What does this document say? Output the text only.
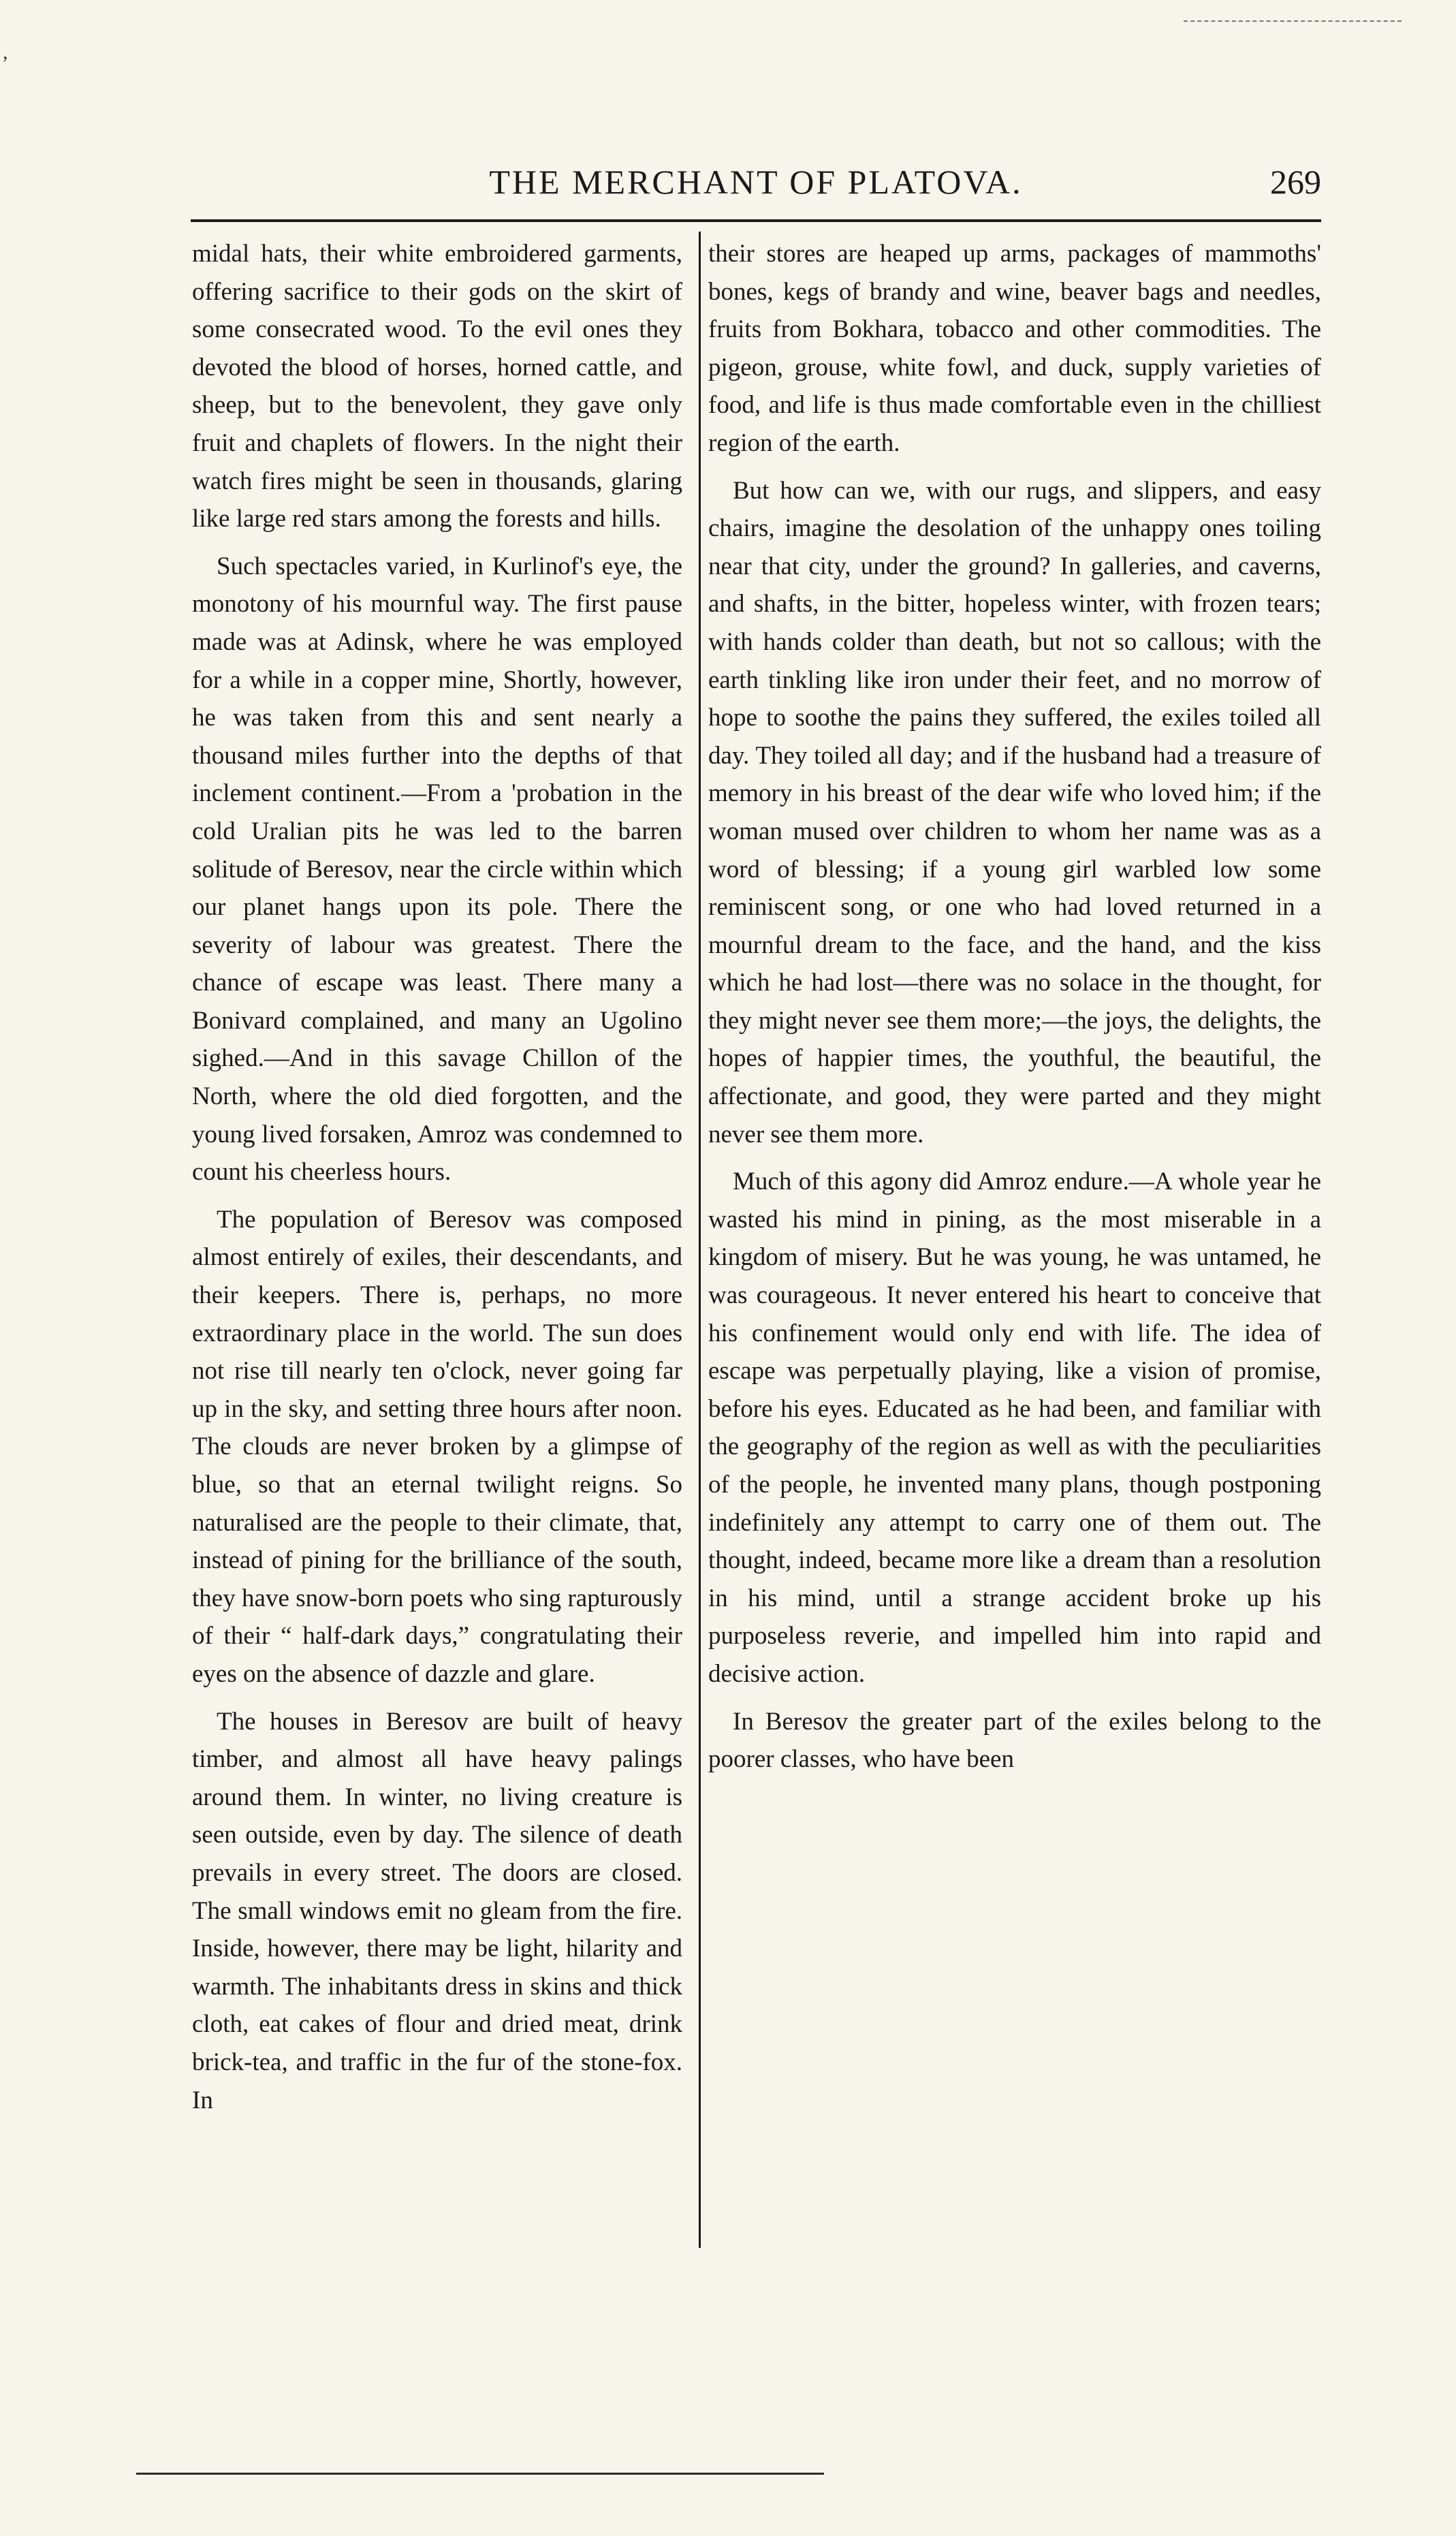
,
THE MERCHANT OF PLATOVA.	269

midal hats, their white embroidered garments, offering sacrifice to their gods on the skirt of some consecrated wood. To the evil ones they devoted the blood of horses, horned cattle, and sheep, but to the benevolent, they gave only fruit and chaplets of flowers. In the night their watch fires might be seen in thousands, glaring like large red stars among the forests and hills.

Such spectacles varied, in Kurlinof's eye, the monotony of his mournful way. The first pause made was at Adinsk, where he was employed for a while in a copper mine, Shortly, however, he was taken from this and sent nearly a thousand miles further into the depths of that inclement continent.—From a 'probation in the cold Uralian pits he was led to the barren solitude of Beresov, near the circle within which our planet hangs upon its pole. There the severity of labour was greatest. There the chance of escape was least. There many a Bonivard complained, and many an Ugolino sighed.—And in this savage Chillon of the North, where the old died forgotten, and the young lived forsaken, Amroz was condemned to count his cheerless hours.

The population of Beresov was composed almost entirely of exiles, their descendants, and their keepers. There is, perhaps, no more extraordinary place in the world. The sun does not rise till nearly ten o'clock, never going far up in the sky, and setting three hours after noon. The clouds are never broken by a glimpse of blue, so that an eternal twilight reigns. So naturalised are the people to their climate, that, instead of pining for the brilliance of the south, they have snow-born poets who sing rapturously of their “ half-dark days,” congratulating their eyes on the absence of dazzle and glare.

The houses in Beresov are built of heavy timber, and almost all have heavy palings around them. In winter, no living creature is seen outside, even by day. The silence of death prevails in every street. The doors are closed. The small windows emit no gleam from the fire. Inside, however, there may be light, hilarity and warmth. The inhabitants dress in skins and thick cloth, eat cakes of flour and dried meat, drink brick-tea, and traffic in the fur of the stone-fox. In

their stores are heaped up arms, packages of mammoths' bones, kegs of brandy and wine, beaver bags and needles, fruits from Bokhara, tobacco and other commodities. The pigeon, grouse, white fowl, and duck, supply varieties of food, and life is thus made comfortable even in the chilliest region of the earth.

But how can we, with our rugs, and slippers, and easy chairs, imagine the desolation of the unhappy ones toiling near that city, under the ground? In galleries, and caverns, and shafts, in the bitter, hopeless winter, with frozen tears; with hands colder than death, but not so callous; with the earth tinkling like iron under their feet, and no morrow of hope to soothe the pains they suffered, the exiles toiled all day. They toiled all day; and if the husband had a treasure of memory in his breast of the dear wife who loved him; if the woman mused over children to whom her name was as a word of blessing; if a young girl warbled low some reminiscent song, or one who had loved returned in a mournful dream to the face, and the hand, and the kiss which he had lost—there was no solace in the thought, for they might never see them more;—the joys, the delights, the hopes of happier times, the youthful, the beautiful, the affectionate, and good, they were parted and they might never see them more.

Much of this agony did Amroz endure.—A whole year he wasted his mind in pining, as the most miserable in a kingdom of misery. But he was young, he was untamed, he was courageous. It never entered his heart to conceive that his confinement would only end with life. The idea of escape was perpetually playing, like a vision of promise, before his eyes. Educated as he had been, and familiar with the geography of the region as well as with the peculiarities of the people, he invented many plans, though postponing indefinitely any attempt to carry one of them out. The thought, indeed, became more like a dream than a resolution in his mind, until a strange accident broke up his purposeless reverie, and impelled him into rapid and decisive action.

In Beresov the greater part of the exiles belong to the poorer classes, who have been
